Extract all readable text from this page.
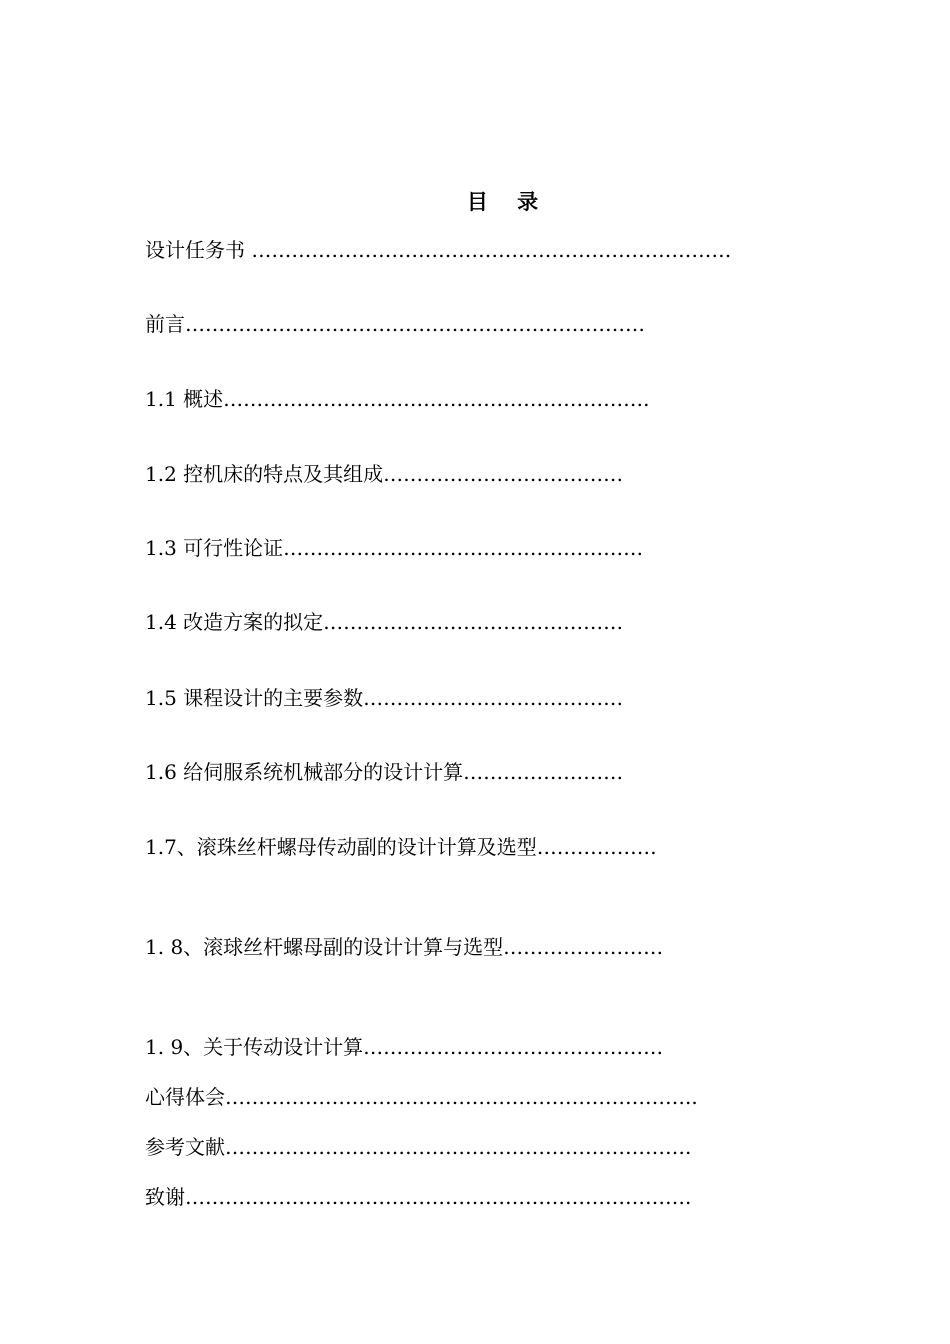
目    录
设计任务书 ………………………………………………………………
前言……………………………………………………………
1.1 概述……………………………………………………….
1.2 控机床的特点及其组成………………………………
1.3 可行性论证………………………………………………
1.4 改造方案的拟定………………………………………
1.5 课程设计的主要参数…………………………………
1.6 给伺服系统机械部分的设计计算……………………
1.7、滚珠丝杆螺母传动副的设计计算及选型………………
1. 8、滚球丝杆螺母副的设计计算与选型……………………
1. 9、关于传动设计计算………………………………………
心得体会……………………………………………………………..
参考文献…………………………………………………………….
致谢………………………………………………………………….
